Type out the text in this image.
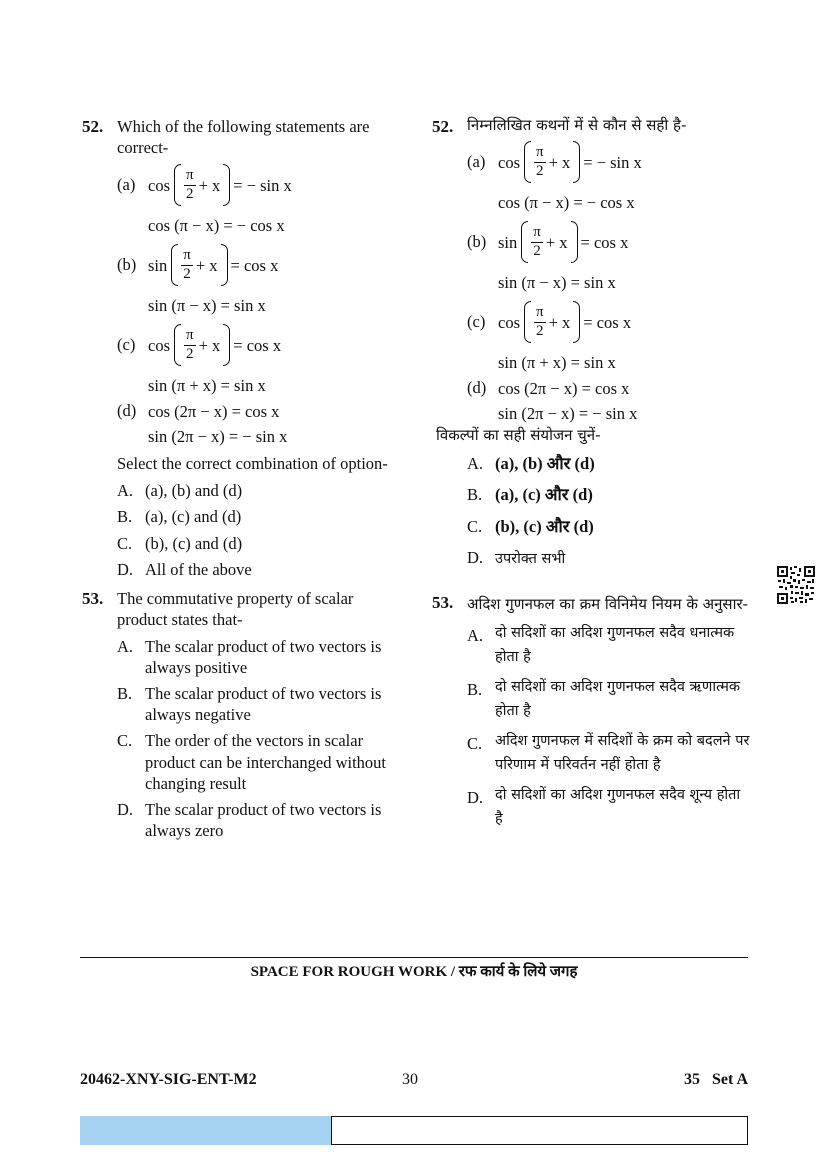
52. Which of the following statements are correct-
(a) $\cos \frac{\pi}{2} + x$ = − sin x
cos (π − x) = − cos x
(b) $\sin \frac{\pi}{2} + x = \cos x$
sin (π − x) = sin x
(c) $\cos \frac{\pi}{2} + x = \cos x$
sin (π + x) = sin x
(d) cos (2π − x) = cos x
sin (2π − x) = − sin x
Select the correct combination of option-
A. (a), (b) and (d)
B. (a), (c) and (d)
C. (b), (c) and (d)
D. All of the above
53. The commutative property of scalar product states that-
A. The scalar product of two vectors is always positive
B. The scalar product of two vectors is always negative
C. The order of the vectors in scalar product can be interchanged without changing result
D. The scalar product of two vectors is always zero
52. निम्नलिखित कथनों में से कौन से सही है-
(a) $\cos \frac{\pi}{2} + x$ = − sin x
cos (π − x) = − cos x
(b) $\sin \frac{\pi}{2} + x = \cos x$
sin (π − x) = sin x
(c) $\cos \frac{\pi}{2} + x = \cos x$
sin (π + x) = sin x
(d) cos (2π − x) = cos x
sin (2π − x) = − sin x
विकल्पों का सही संयोजन चुनें-
A. (a), (b) और (d)
B. (a), (c) और (d)
C. (b), (c) और (d)
D. उपरोक्त सभी
53. अदिश गुणनफल का क्रम विनिमेय नियम के अनुसार-
A. दो सदिशों का अदिश गुणनफल सदैव धनात्मक होता है
B. दो सदिशों का अदिश गुणनफल सदैव ऋणात्मक होता है
C. अदिश गुणनफल में सदिशों के क्रम को बदलने पर परिणाम में परिवर्तन नहीं होता है
D. दो सदिशों का अदिश गुणनफल सदैव शून्य होता है
SPACE FOR ROUGH WORK / रफ कार्य के लिये जगह
20462-XNY-SIG-ENT-M2	30	35   Set A
